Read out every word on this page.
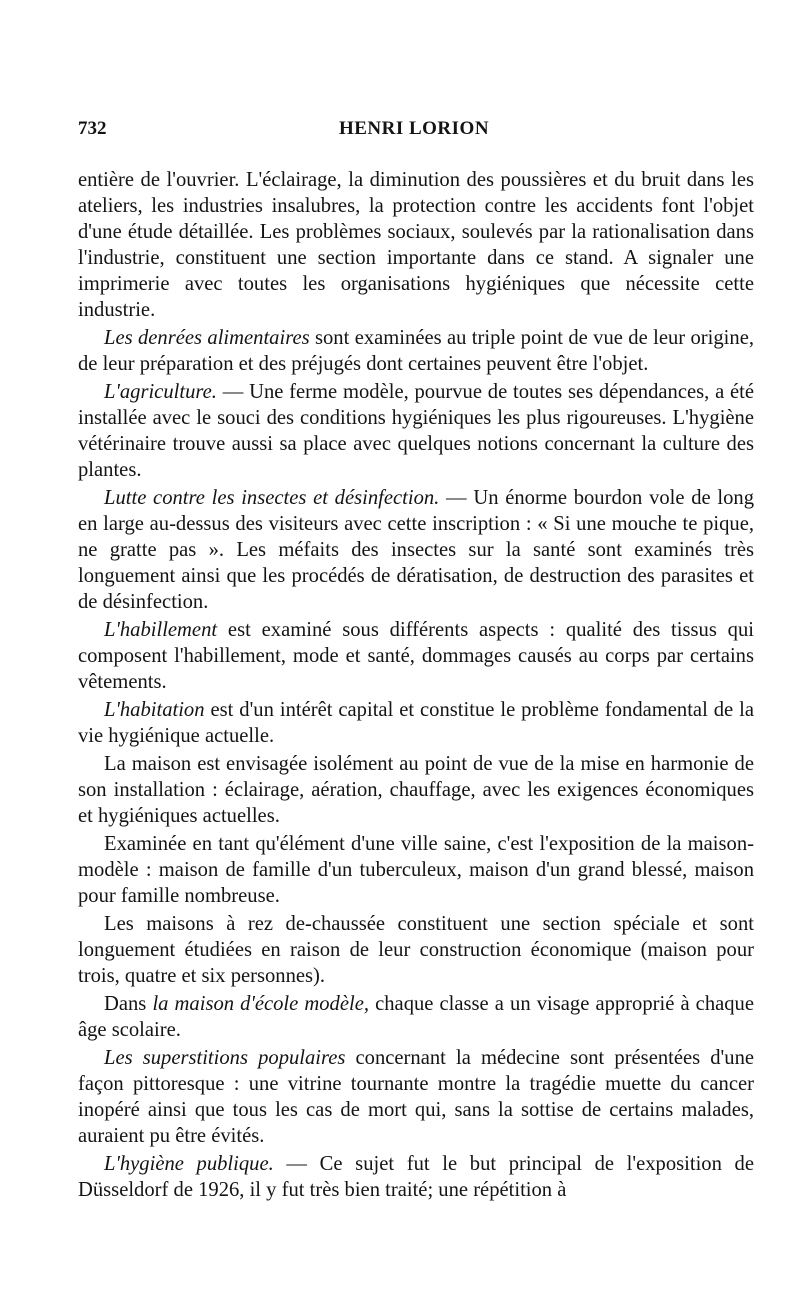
732	HENRI LORION

entière de l'ouvrier. L'éclairage, la diminution des poussières et du bruit dans les ateliers, les industries insalubres, la protection contre les accidents font l'objet d'une étude détaillée. Les problèmes sociaux, soulevés par la rationalisation dans l'industrie, constituent une section importante dans ce stand. A signaler une imprimerie avec toutes les organisations hygiéniques que nécessite cette industrie.

Les denrées alimentaires sont examinées au triple point de vue de leur origine, de leur préparation et des préjugés dont certaines peuvent être l'objet.

L'agriculture. — Une ferme modèle, pourvue de toutes ses dépendances, a été installée avec le souci des conditions hygiéniques les plus rigoureuses. L'hygiène vétérinaire trouve aussi sa place avec quelques notions concernant la culture des plantes.

Lutte contre les insectes et désinfection. — Un énorme bourdon vole de long en large au-dessus des visiteurs avec cette inscription : « Si une mouche te pique, ne gratte pas ». Les méfaits des insectes sur la santé sont examinés très longuement ainsi que les procédés de dératisation, de destruction des parasites et de désinfection.

L'habillement est examiné sous différents aspects : qualité des tissus qui composent l'habillement, mode et santé, dommages causés au corps par certains vêtements.

L'habitation est d'un intérêt capital et constitue le problème fondamental de la vie hygiénique actuelle.

La maison est envisagée isolément au point de vue de la mise en harmonie de son installation : éclairage, aération, chauffage, avec les exigences économiques et hygiéniques actuelles.

Examinée en tant qu'élément d'une ville saine, c'est l'exposition de la maison-modèle : maison de famille d'un tuberculeux, maison d'un grand blessé, maison pour famille nombreuse.

Les maisons à rez de-chaussée constituent une section spéciale et sont longuement étudiées en raison de leur construction économique (maison pour trois, quatre et six personnes).

Dans la maison d'école modèle, chaque classe a un visage approprié à chaque âge scolaire.

Les superstitions populaires concernant la médecine sont présentées d'une façon pittoresque : une vitrine tournante montre la tragédie muette du cancer inopéré ainsi que tous les cas de mort qui, sans la sottise de certains malades, auraient pu être évités.

L'hygiène publique. — Ce sujet fut le but principal de l'exposition de Düsseldorf de 1926, il y fut très bien traité; une répétition à
